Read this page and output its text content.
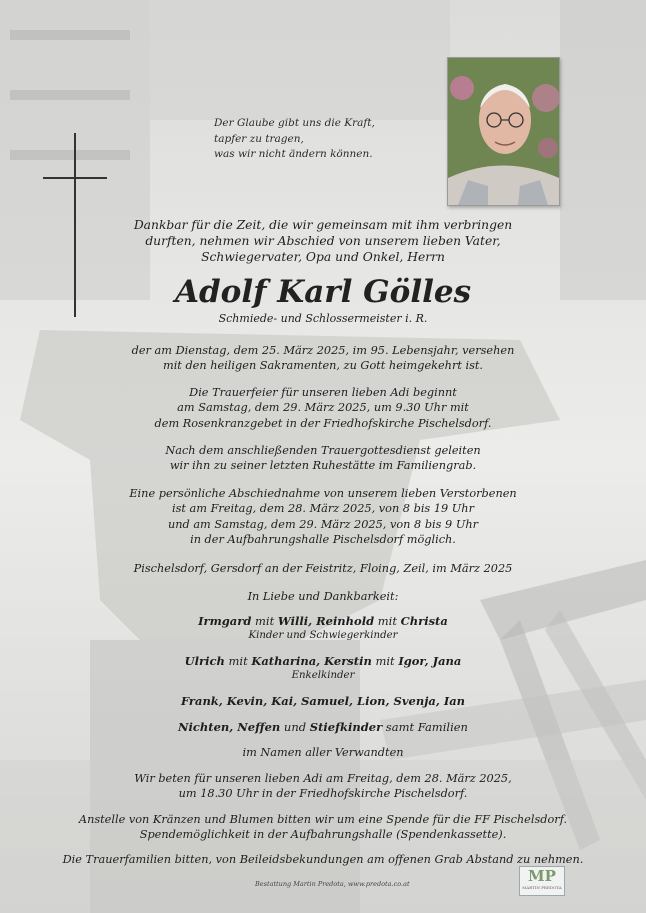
Der Glaube gibt uns die Kraft,
tapfer zu tragen,
was wir nicht ändern können.
Dankbar für die Zeit, die wir gemeinsam mit ihm verbringen
durften, nehmen wir Abschied von unserem lieben Vater,
Schwiegervater, Opa und Onkel, Herrn
Adolf Karl Gölles
Schmiede- und Schlossermeister i. R.
der am Dienstag, dem 25. März 2025, im 95. Lebensjahr, versehen
mit den heiligen Sakramenten, zu Gott heimgekehrt ist.
Die Trauerfeier für unseren lieben Adi beginnt
am Samstag, dem 29. März 2025, um 9.30 Uhr mit
dem Rosenkranzgebet in der Friedhofskirche Pischelsdorf.
Nach dem anschließenden Trauergottesdienst geleiten
wir ihn zu seiner letzten Ruhestätte im Familiengrab.
Eine persönliche Abschiednahme von unserem lieben Verstorbenen
ist am Freitag, dem 28. März 2025, von 8 bis 19 Uhr
und am Samstag, dem 29. März 2025, von 8 bis 9 Uhr
in der Aufbahrungshalle Pischelsdorf möglich.
Pischelsdorf, Gersdorf an der Feistritz, Floing, Zeil, im März 2025
In Liebe und Dankbarkeit:
Irmgard mit Willi, Reinhold mit Christa
Kinder und Schwiegerkinder
Ulrich mit Katharina, Kerstin mit Igor, Jana
Enkelkinder
Frank, Kevin, Kai, Samuel, Lion, Svenja, Ian
Nichten, Neffen und Stiefkinder samt Familien
im Namen aller Verwandten
Wir beten für unseren lieben Adi am Freitag, dem 28. März 2025,
um 18.30 Uhr in der Friedhofskirche Pischelsdorf.
Anstelle von Kränzen und Blumen bitten wir um eine Spende für die FF Pischelsdorf.
Spendemöglichkeit in der Aufbahrungshalle (Spendenkassette).
Die Trauerfamilien bitten, von Beileidsbekundungen am offenen Grab Abstand zu nehmen.
Bestattung Martin Predota, www.predota.co.at	MP
MARTIN PREDOTA
